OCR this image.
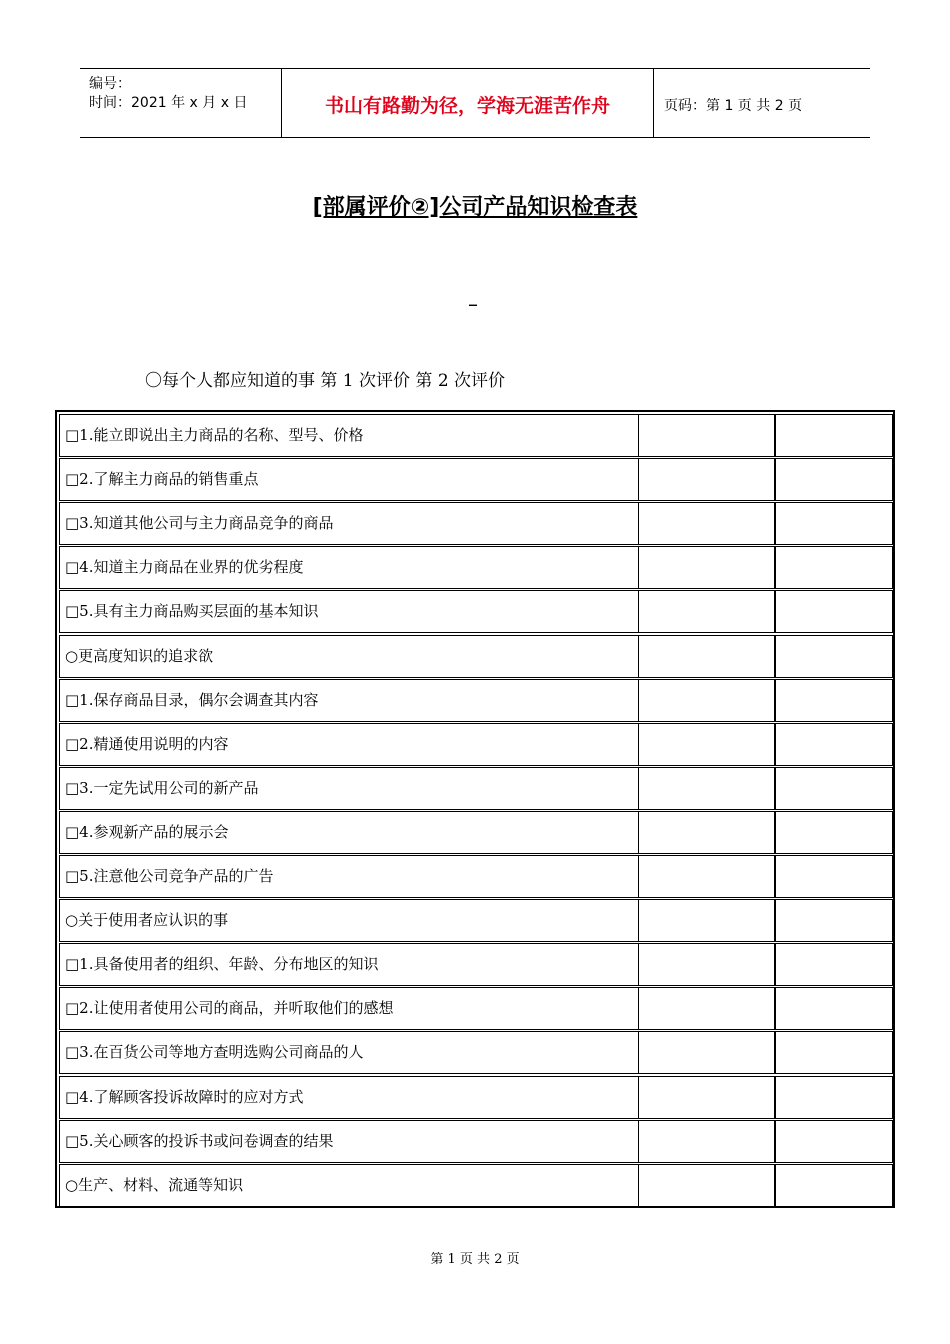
编号：
时间：2021 年 x 月 x 日	书山有路勤为径，学海无涯苦作舟	页码：第 1 页 共 2 页
[部属评价②]公司产品知识检查表
–
〇每个人都应知道的事 第 1 次评价 第 2 次评价
□1.能立即说出主力商品的名称、型号、价格
□2.了解主力商品的销售重点
□3.知道其他公司与主力商品竞争的商品
□4.知道主力商品在业界的优劣程度
□5.具有主力商品购买层面的基本知识
○更高度知识的追求欲
□1.保存商品目录，偶尔会调查其内容
□2.精通使用说明的内容
□3.一定先试用公司的新产品
□4.参观新产品的展示会
□5.注意他公司竞争产品的广告
○关于使用者应认识的事
□1.具备使用者的组织、年龄、分布地区的知识
□2.让使用者使用公司的商品，并听取他们的感想
□3.在百货公司等地方查明选购公司商品的人
□4.了解顾客投诉故障时的应对方式
□5.关心顾客的投诉书或问卷调查的结果
○生产、材料、流通等知识
第 1 页 共 2 页
